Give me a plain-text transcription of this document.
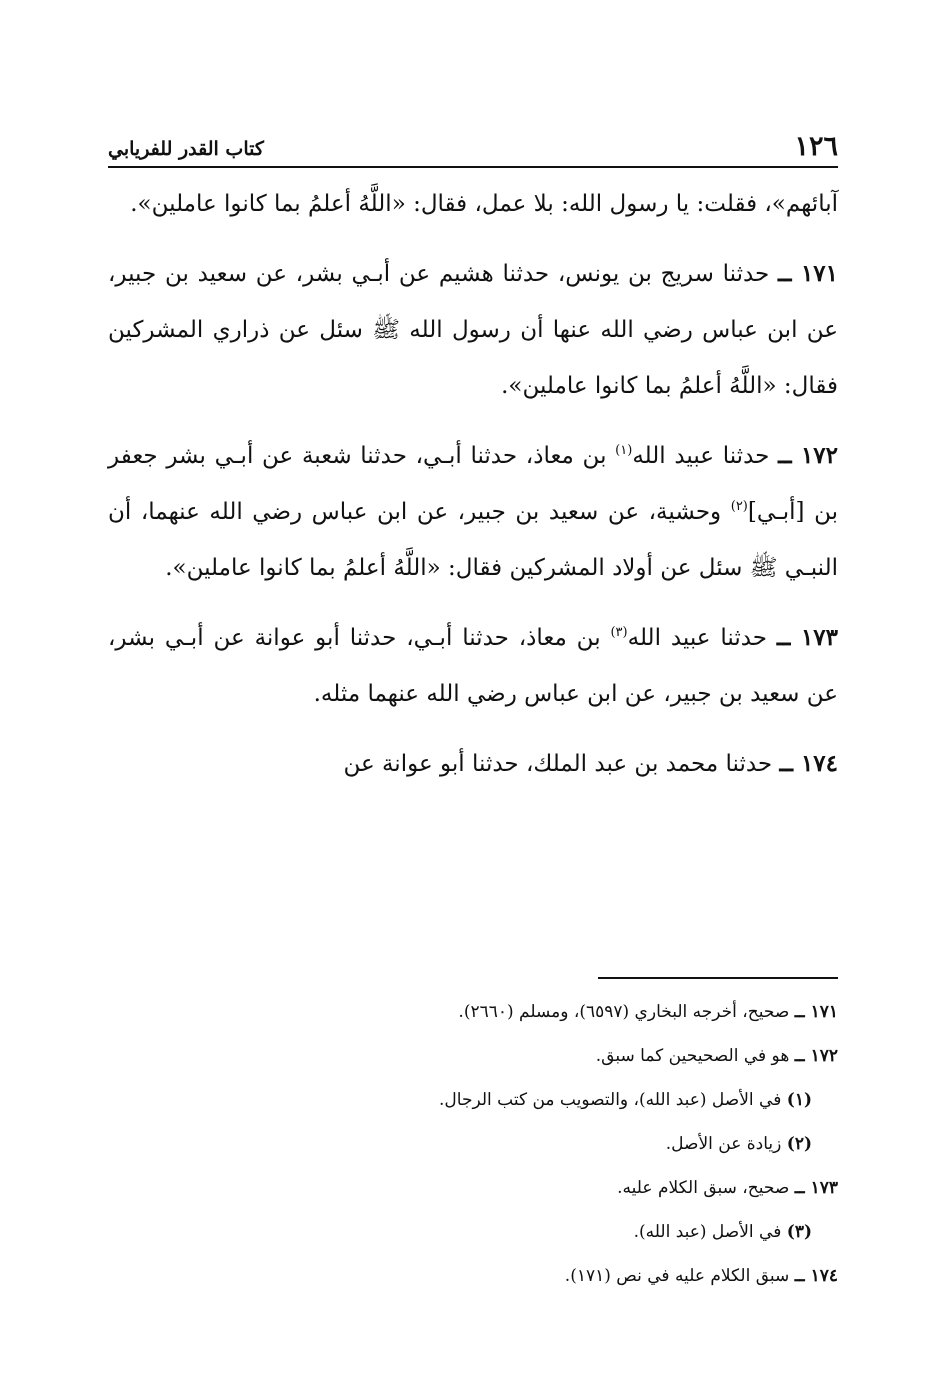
١٢٦
كتاب القدر للفريابي

آبائهم»، فقلت: يا رسول الله: بلا عمل، فقال: «اللَّهُ أعلمُ بما كانوا عاملين».

١٧١ ــ حدثنا سريج بن يونس، حدثنا هشيم عن أبـي بشر، عن سعيد بن جبير، عن ابن عباس رضي الله عنها أن رسول الله ﷺ سئل عن ذراري المشركين فقال: «اللَّهُ أعلمُ بما كانوا عاملين».

١٧٢ ــ حدثنا عبيد الله$^{(١)}$ بن معاذ، حدثنا أبـي، حدثنا شعبة عن أبـي بشر جعفر بن [أبـي]$^{(٢)}$ وحشية، عن سعيد بن جبير، عن ابن عباس رضي الله عنهما، أن النبـي ﷺ سئل عن أولاد المشركين فقال: «اللَّهُ أعلمُ بما كانوا عاملين».

١٧٣ ــ حدثنا عبيد الله$^{(٣)}$ بن معاذ، حدثنا أبـي، حدثنا أبو عوانة عن أبـي بشر، عن سعيد بن جبير، عن ابن عباس رضي الله عنهما مثله.

١٧٤ ــ حدثنا محمد بن عبد الملك، حدثنا أبو عوانة عن

١٧١ ــ صحيح، أخرجه البخاري (٦٥٩٧)، ومسلم (٢٦٦٠).
١٧٢ ــ هو في الصحيحين كما سبق.
(١) في الأصل (عبد الله)، والتصويب من كتب الرجال.
(٢) زيادة عن الأصل.
١٧٣ ــ صحيح، سبق الكلام عليه.
(٣) في الأصل (عبد الله).
١٧٤ ــ سبق الكلام عليه في نص (١٧١).
